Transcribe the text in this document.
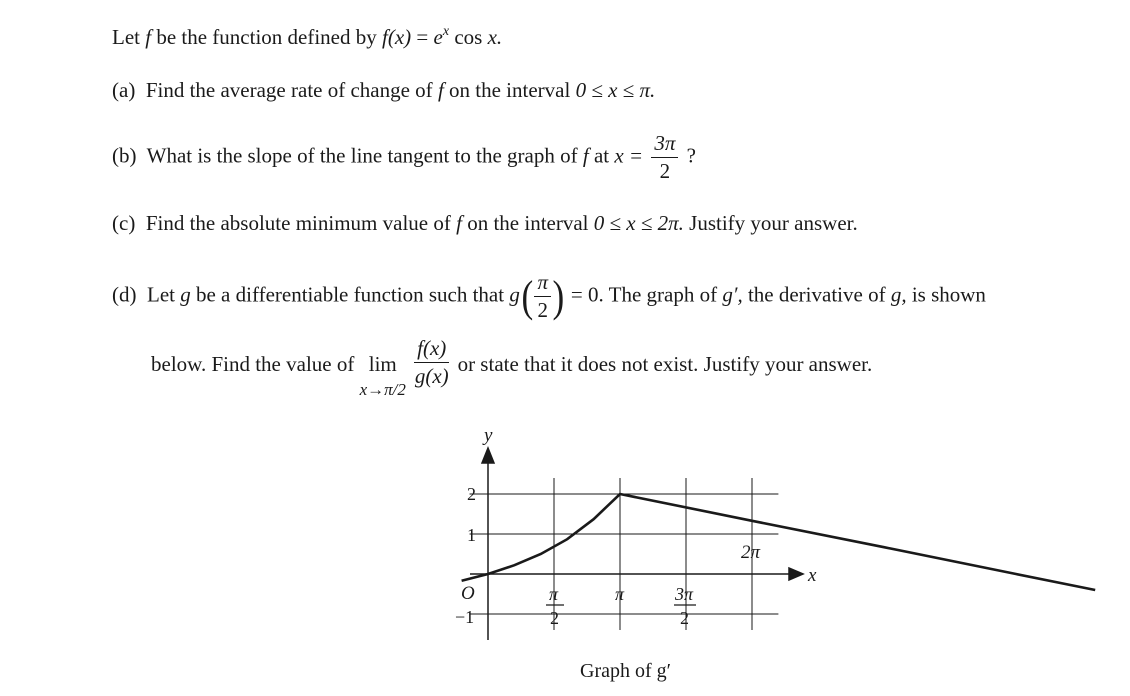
Let f be the function defined by $f(x) = e^x$ cos x.
(a) Find the average rate of change of f on the interval 0 ≤ x ≤ π.
(b) What is the slope of the line tangent to the graph of f at $x = \frac{3\pi}{2}$ ?
(c) Find the absolute minimum value of f on the interval 0 ≤ x ≤ 2π. Justify your answer.
(d) Let g be a differentiable function such that $g( \frac{\pi}{2}$ ) = 0. The graph of g′, the derivative of g, is shown
below. Find the value of lim
x→π/2

$\frac{f(x)}{g(x)}$ or state that it does not exist. Justify your answer.
y
x
O
2
1
−1
π
2
π	3π
2
2π
Graph of g′
